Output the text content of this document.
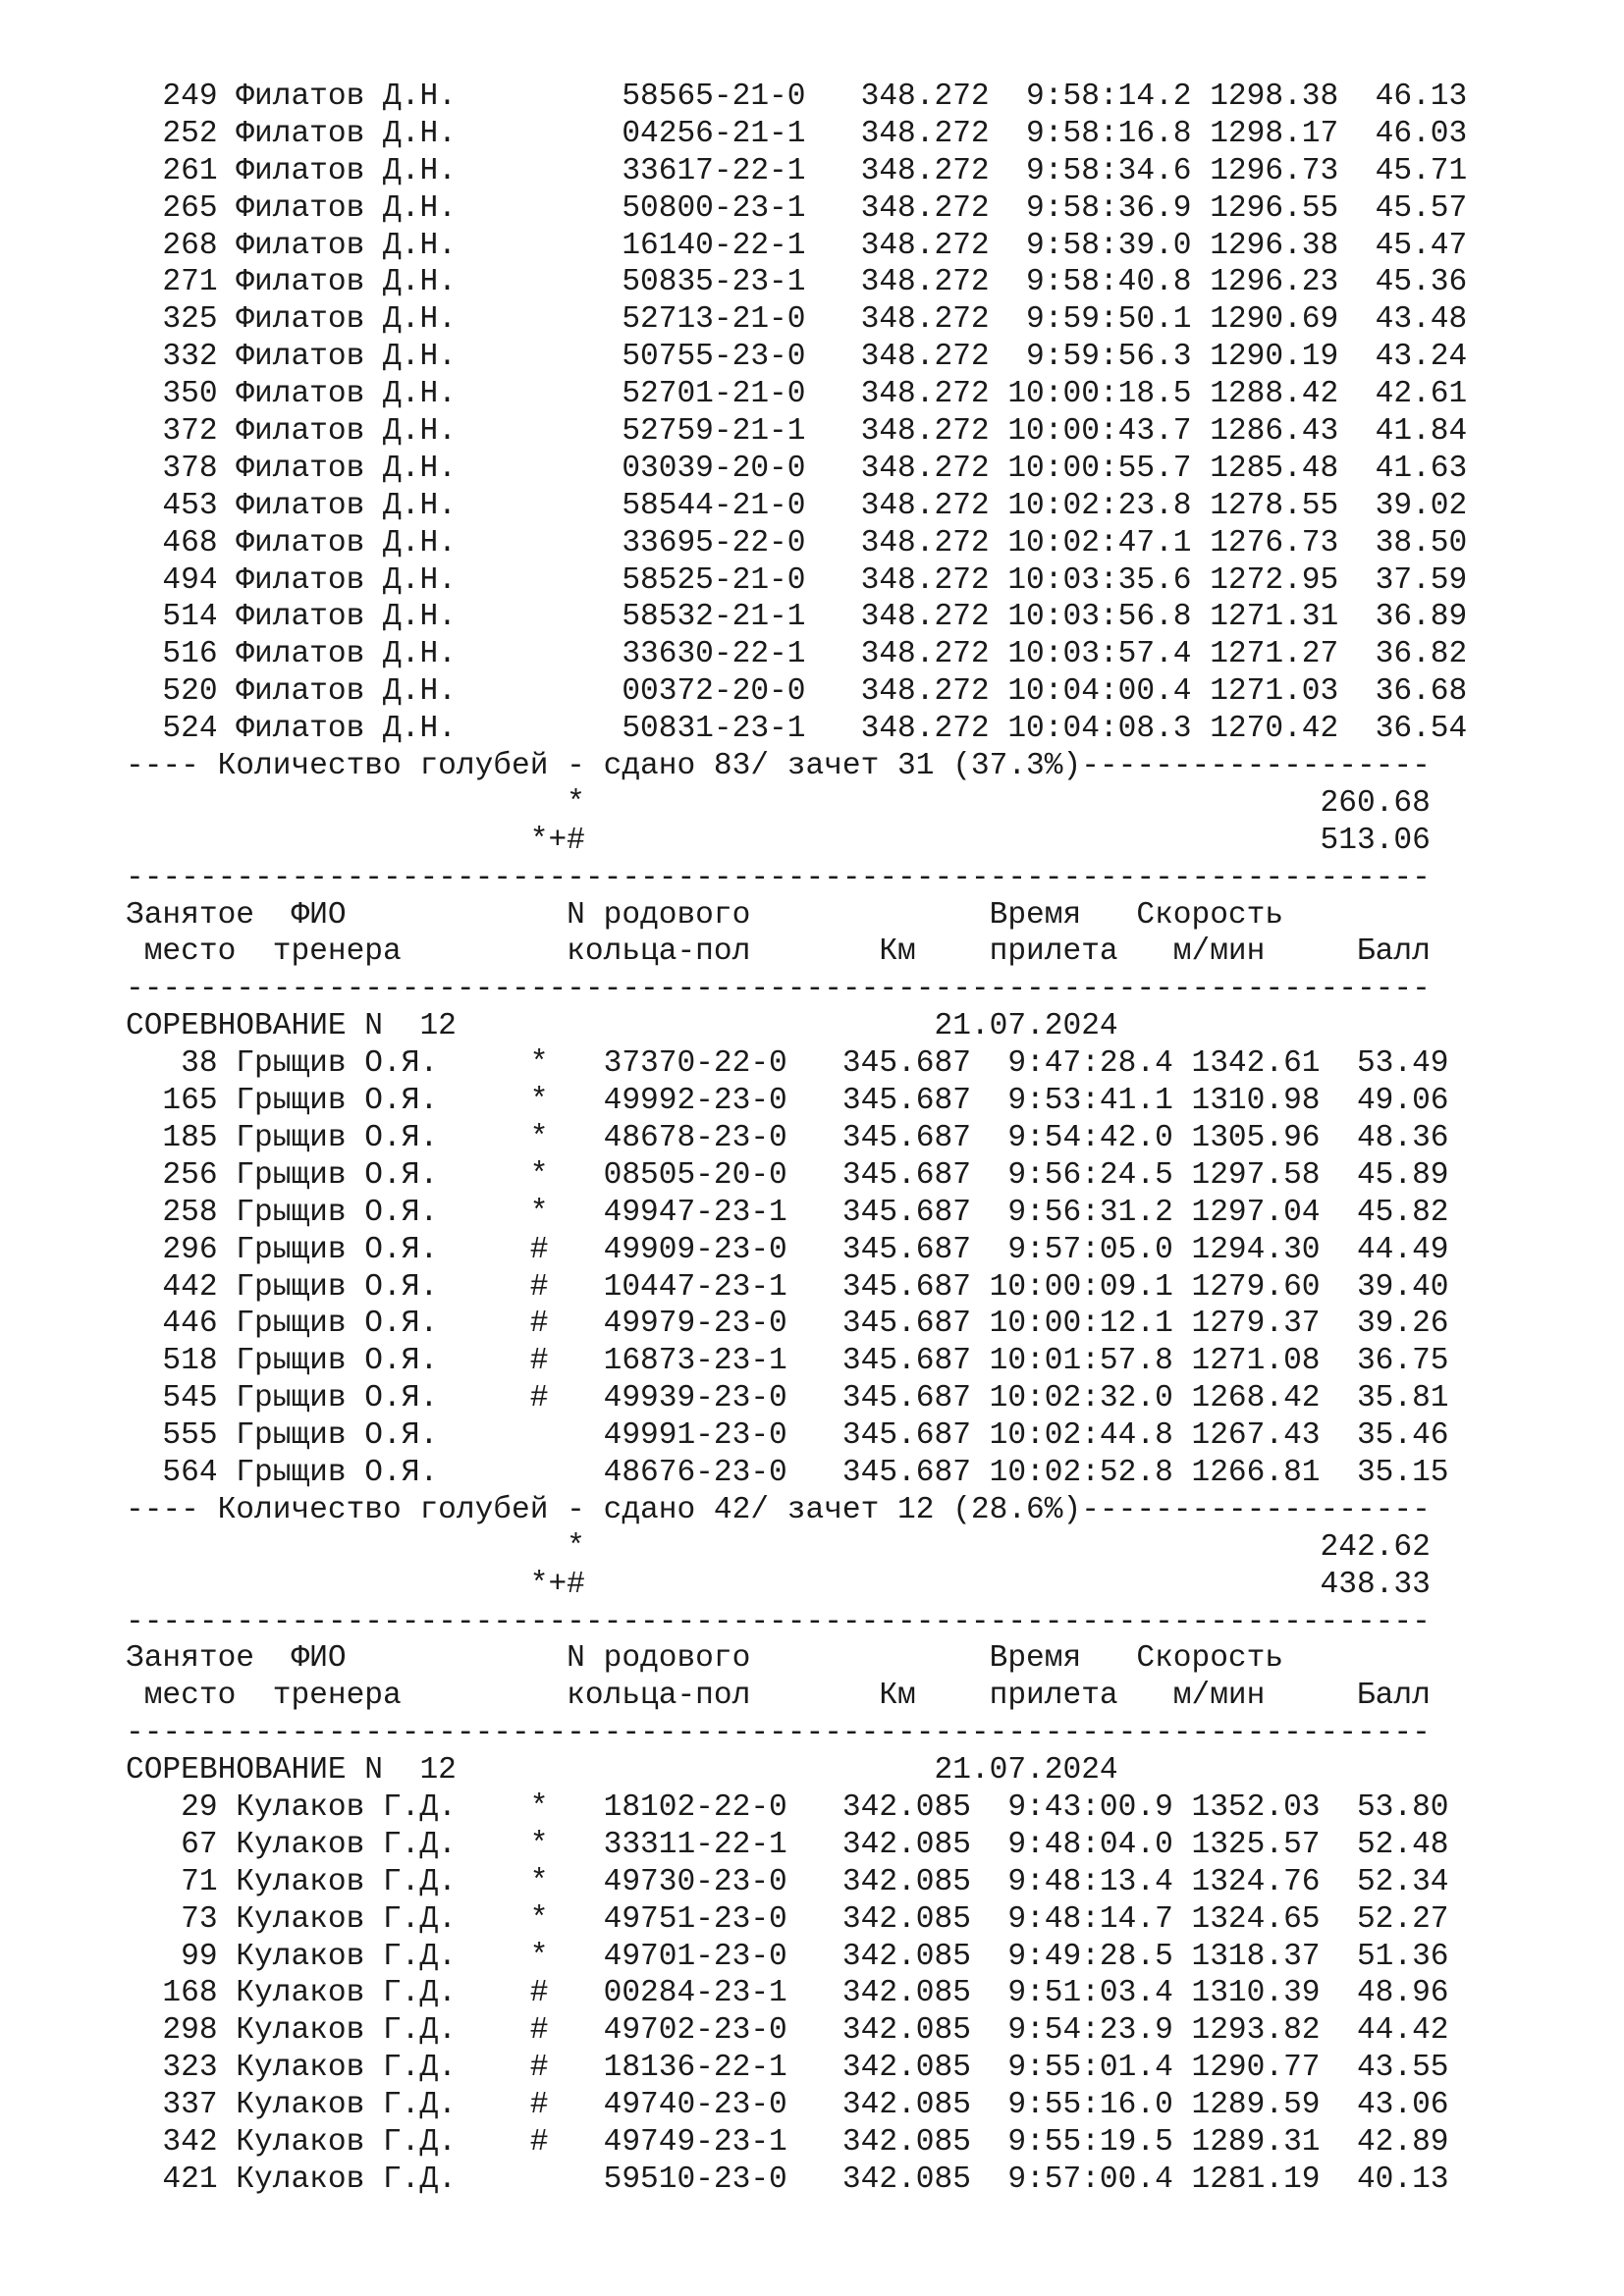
249 Филатов Д.Н.         58565-21-0   348.272  9:58:14.2 1298.38  46.13
252 Филатов Д.Н.         04256-21-1   348.272  9:58:16.8 1298.17  46.03
261 Филатов Д.Н.         33617-22-1   348.272  9:58:34.6 1296.73  45.71
265 Филатов Д.Н.         50800-23-1   348.272  9:58:36.9 1296.55  45.57
268 Филатов Д.Н.         16140-22-1   348.272  9:58:39.0 1296.38  45.47
271 Филатов Д.Н.         50835-23-1   348.272  9:58:40.8 1296.23  45.36
325 Филатов Д.Н.         52713-21-0   348.272  9:59:50.1 1290.69  43.48
332 Филатов Д.Н.         50755-23-0   348.272  9:59:56.3 1290.19  43.24
350 Филатов Д.Н.         52701-21-0   348.272 10:00:18.5 1288.42  42.61
372 Филатов Д.Н.         52759-21-1   348.272 10:00:43.7 1286.43  41.84
378 Филатов Д.Н.         03039-20-0   348.272 10:00:55.7 1285.48  41.63
453 Филатов Д.Н.         58544-21-0   348.272 10:02:23.8 1278.55  39.02
468 Филатов Д.Н.         33695-22-0   348.272 10:02:47.1 1276.73  38.50
494 Филатов Д.Н.         58525-21-0   348.272 10:03:35.6 1272.95  37.59
514 Филатов Д.Н.         58532-21-1   348.272 10:03:56.8 1271.31  36.89
516 Филатов Д.Н.         33630-22-1   348.272 10:03:57.4 1271.27  36.82
520 Филатов Д.Н.         00372-20-0   348.272 10:04:00.4 1271.03  36.68
524 Филатов Д.Н.         50831-23-1   348.272 10:04:08.3 1270.42  36.54
---- Количество голубей - сдано 83/ зачет 31 (37.3%)-------------------
*                                        260.68
*+#                                        513.06
-----------------------------------------------------------------------
Занятое  ФИО            N родового             Время   Скорость
место  тренера         кольца-пол       Км    прилета   м/мин     Балл
-----------------------------------------------------------------------
СОРЕВНОВАНИЕ N  12                          21.07.2024
38 Грыщив О.Я.     *   37370-22-0   345.687  9:47:28.4 1342.61  53.49
165 Грыщив О.Я.     *   49992-23-0   345.687  9:53:41.1 1310.98  49.06
185 Грыщив О.Я.     *   48678-23-0   345.687  9:54:42.0 1305.96  48.36
256 Грыщив О.Я.     *   08505-20-0   345.687  9:56:24.5 1297.58  45.89
258 Грыщив О.Я.     *   49947-23-1   345.687  9:56:31.2 1297.04  45.82
296 Грыщив О.Я.     #   49909-23-0   345.687  9:57:05.0 1294.30  44.49
442 Грыщив О.Я.     #   10447-23-1   345.687 10:00:09.1 1279.60  39.40
446 Грыщив О.Я.     #   49979-23-0   345.687 10:00:12.1 1279.37  39.26
518 Грыщив О.Я.     #   16873-23-1   345.687 10:01:57.8 1271.08  36.75
545 Грыщив О.Я.     #   49939-23-0   345.687 10:02:32.0 1268.42  35.81
555 Грыщив О.Я.         49991-23-0   345.687 10:02:44.8 1267.43  35.46
564 Грыщив О.Я.         48676-23-0   345.687 10:02:52.8 1266.81  35.15
---- Количество голубей - сдано 42/ зачет 12 (28.6%)-------------------
*                                        242.62
*+#                                        438.33
-----------------------------------------------------------------------
Занятое  ФИО            N родового             Время   Скорость
место  тренера         кольца-пол       Км    прилета   м/мин     Балл
-----------------------------------------------------------------------
СОРЕВНОВАНИЕ N  12                          21.07.2024
29 Кулаков Г.Д.    *   18102-22-0   342.085  9:43:00.9 1352.03  53.80
67 Кулаков Г.Д.    *   33311-22-1   342.085  9:48:04.0 1325.57  52.48
71 Кулаков Г.Д.    *   49730-23-0   342.085  9:48:13.4 1324.76  52.34
73 Кулаков Г.Д.    *   49751-23-0   342.085  9:48:14.7 1324.65  52.27
99 Кулаков Г.Д.    *   49701-23-0   342.085  9:49:28.5 1318.37  51.36
168 Кулаков Г.Д.    #   00284-23-1   342.085  9:51:03.4 1310.39  48.96
298 Кулаков Г.Д.    #   49702-23-0   342.085  9:54:23.9 1293.82  44.42
323 Кулаков Г.Д.    #   18136-22-1   342.085  9:55:01.4 1290.77  43.55
337 Кулаков Г.Д.    #   49740-23-0   342.085  9:55:16.0 1289.59  43.06
342 Кулаков Г.Д.    #   49749-23-1   342.085  9:55:19.5 1289.31  42.89
421 Кулаков Г.Д.        59510-23-0   342.085  9:57:00.4 1281.19  40.13
